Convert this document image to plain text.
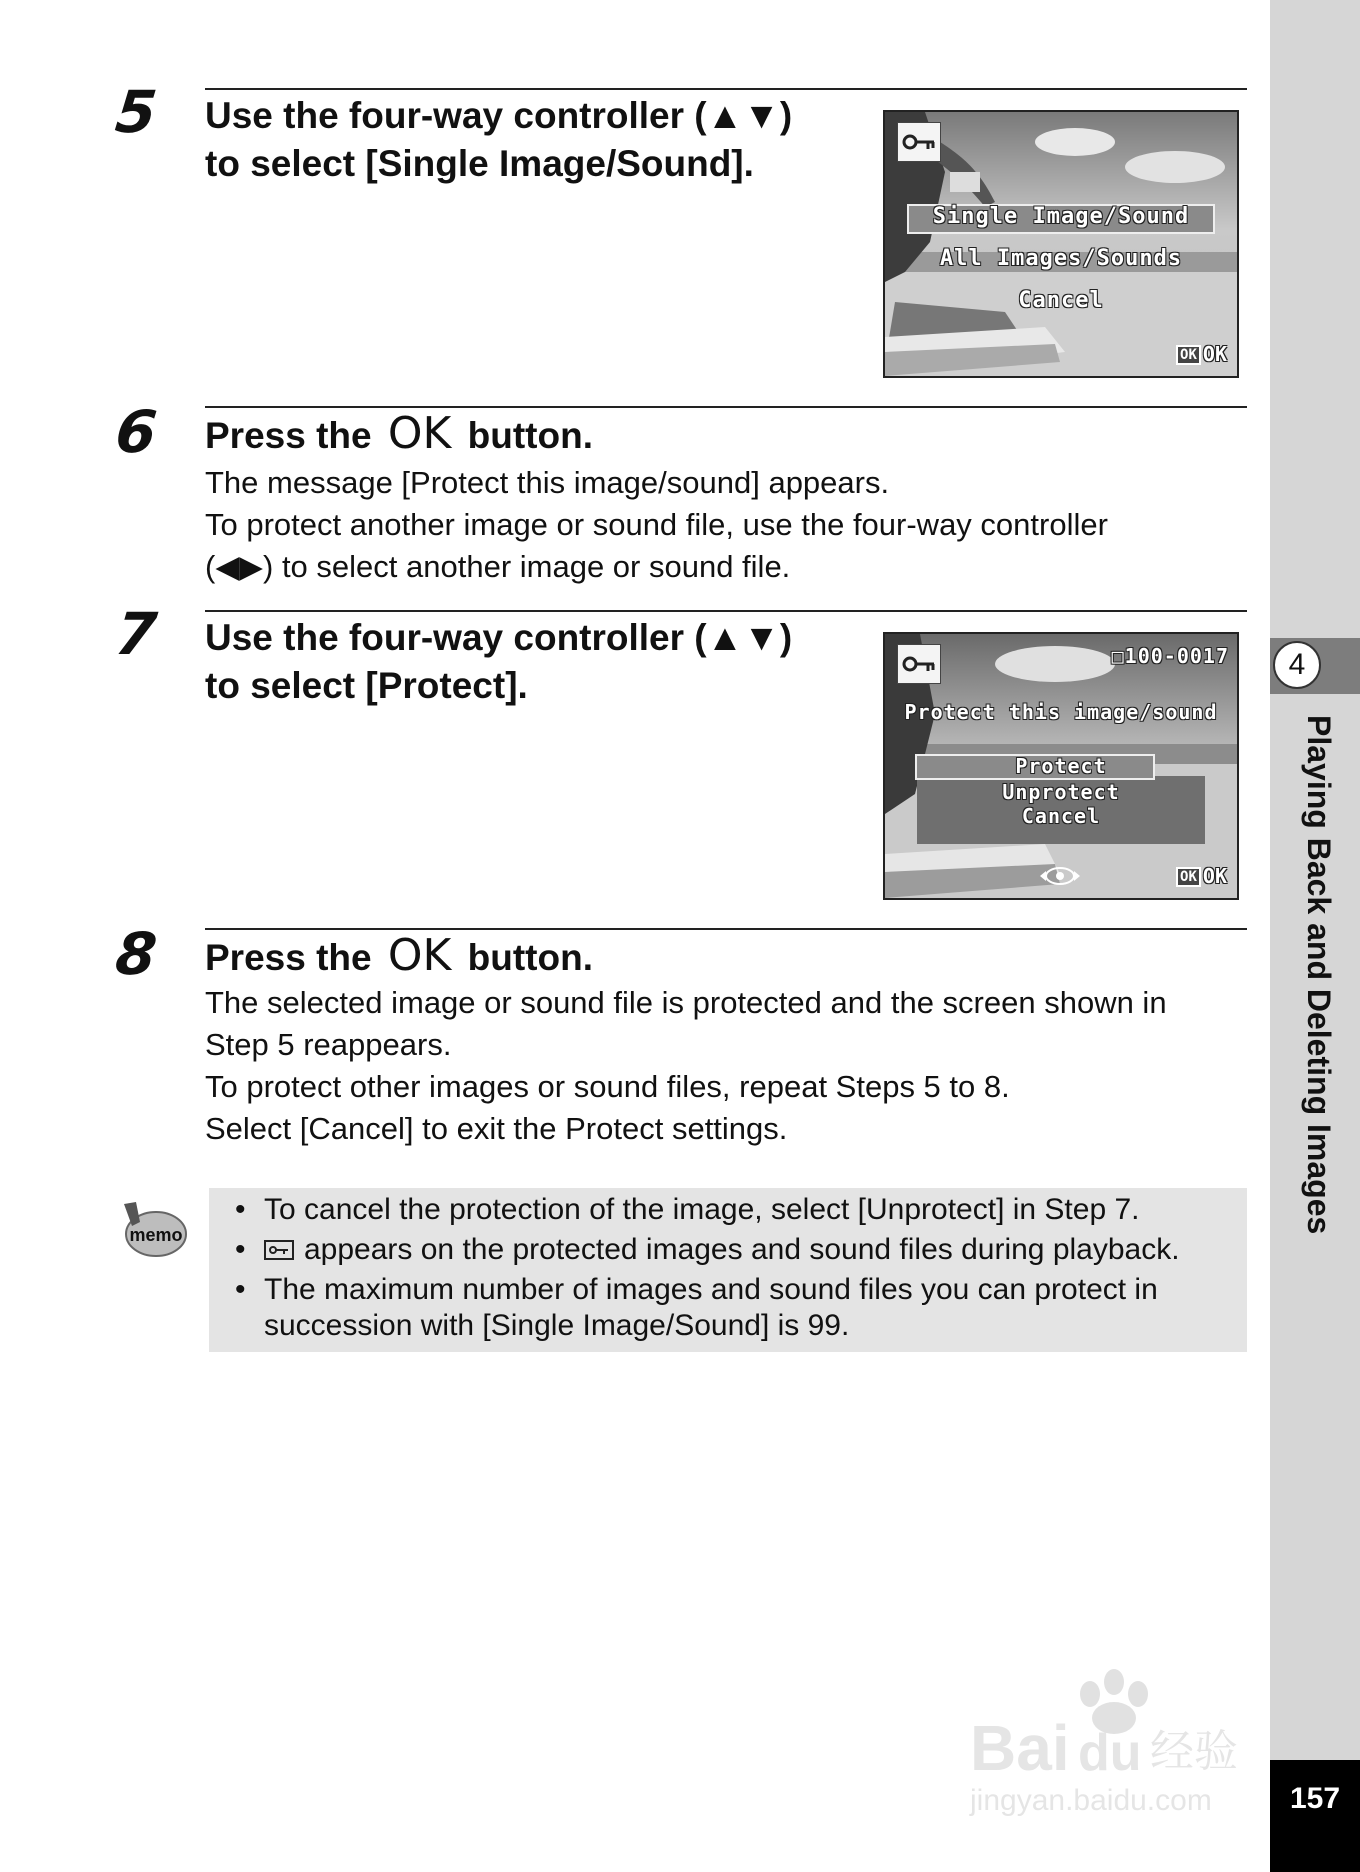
4
Playing Back and Deleting Images
157
5 Use the four-way controller (▲▼)
to select [Single Image/Sound].
Single Image/Sound
All Images/Sounds
Cancel
OK OK
6 Press the OK button.

The message [Protect this image/sound] appears.

To protect another image or sound file, use the four-way controller

(◀▶) to select another image or sound file.

7 Use the four-way controller (▲▼)
to select [Protect].
□100-0017
Protect this image/sound
Protect
Unprotect
Cancel
OK OK
8 Press the OK button.

The selected image or sound file is protected and the screen shown in

Step 5 reappears.

To protect other images or sound files, repeat Steps 5 to 8.

Select [Cancel] to exit the Protect settings.

memo
• To cancel the protection of the image, select [Unprotect] in Step 7.
• appears on the protected images and sound files during playback.
• The maximum number of images and sound files you can protect in succession with [Single Image/Sound] is 99.
Bai du 经验
jingyan.baidu.com
